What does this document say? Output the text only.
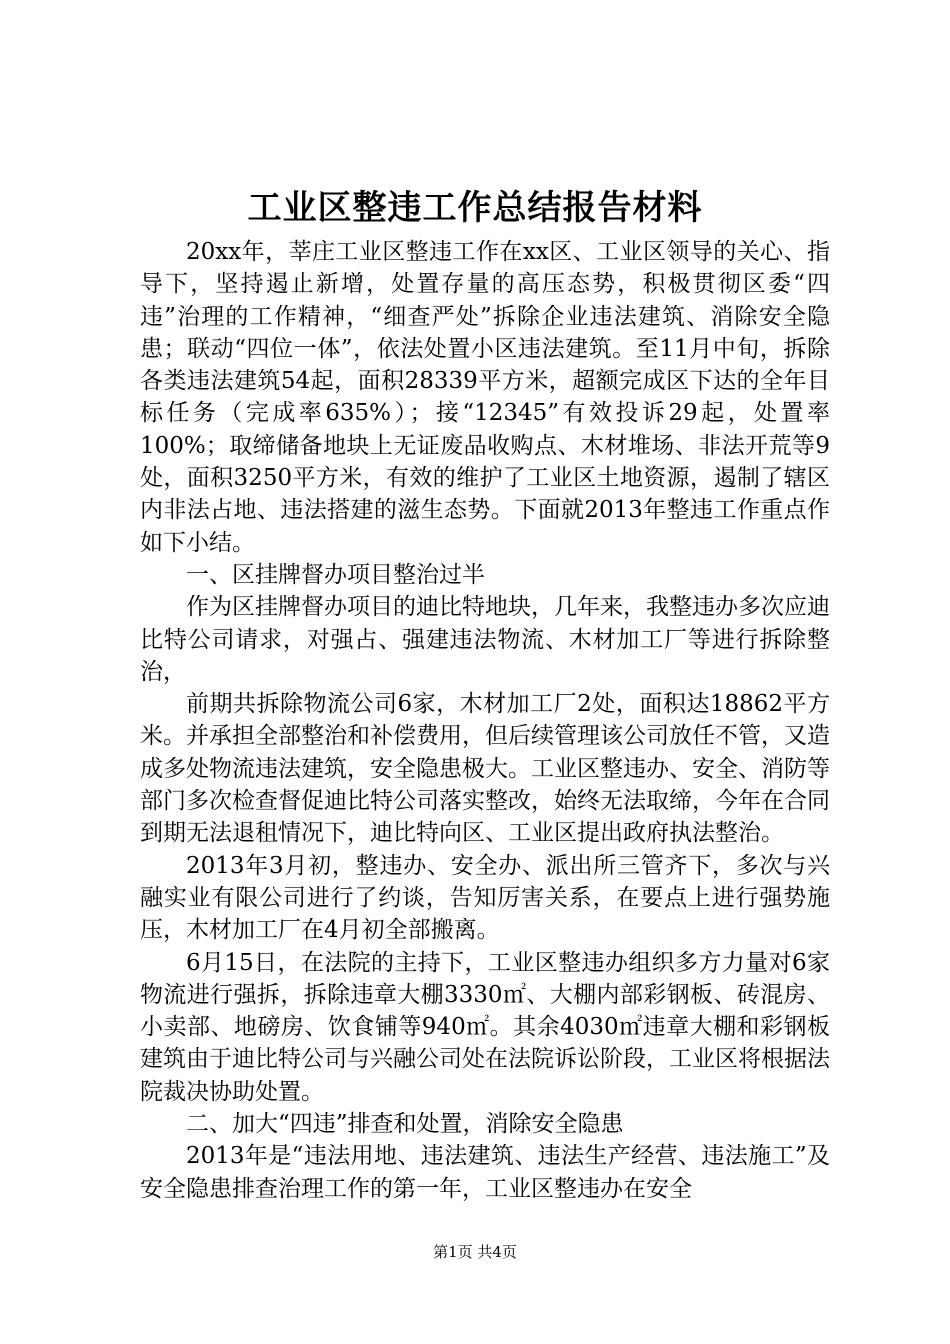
工业区整违工作总结报告材料

20xx年，莘庄工业区整违工作在xx区、工业区领导的关心、指导下，坚持遏止新增，处置存量的高压态势，积极贯彻区委“四违”治理的工作精神，“细查严处”拆除企业违法建筑、消除安全隐患；联动“四位一体”，依法处置小区违法建筑。至11月中旬，拆除各类违法建筑54起，面积28339平方米，超额完成区下达的全年目标任务（完成率635%）；接“12345”有效投诉29起，处置率100%；取缔储备地块上无证废品收购点、木材堆场、非法开荒等9处，面积3250平方米，有效的维护了工业区土地资源，遏制了辖区内非法占地、违法搭建的滋生态势。下面就2013年整违工作重点作如下小结。

一、区挂牌督办项目整治过半

作为区挂牌督办项目的迪比特地块，几年来，我整违办多次应迪比特公司请求，对强占、强建违法物流、木材加工厂等进行拆除整治，

前期共拆除物流公司6家，木材加工厂2处，面积达18862平方米。并承担全部整治和补偿费用，但后续管理该公司放任不管，又造成多处物流违法建筑，安全隐患极大。工业区整违办、安全、消防等部门多次检查督促迪比特公司落实整改，始终无法取缔，今年在合同到期无法退租情况下，迪比特向区、工业区提出政府执法整治。

2013年3月初，整违办、安全办、派出所三管齐下，多次与兴融实业有限公司进行了约谈，告知厉害关系，在要点上进行强势施压，木材加工厂在4月初全部搬离。

6月15日，在法院的主持下，工业区整违办组织多方力量对6家物流进行强拆，拆除违章大棚3330㎡、大棚内部彩钢板、砖混房、小卖部、地磅房、饮食铺等940㎡。其余4030㎡违章大棚和彩钢板建筑由于迪比特公司与兴融公司处在法院诉讼阶段，工业区将根据法院裁决协助处置。

二、加大“四违”排查和处置，消除安全隐患

2013年是“违法用地、违法建筑、违法生产经营、违法施工”及安全隐患排查治理工作的第一年，工业区整违办在安全

第1页 共4页
